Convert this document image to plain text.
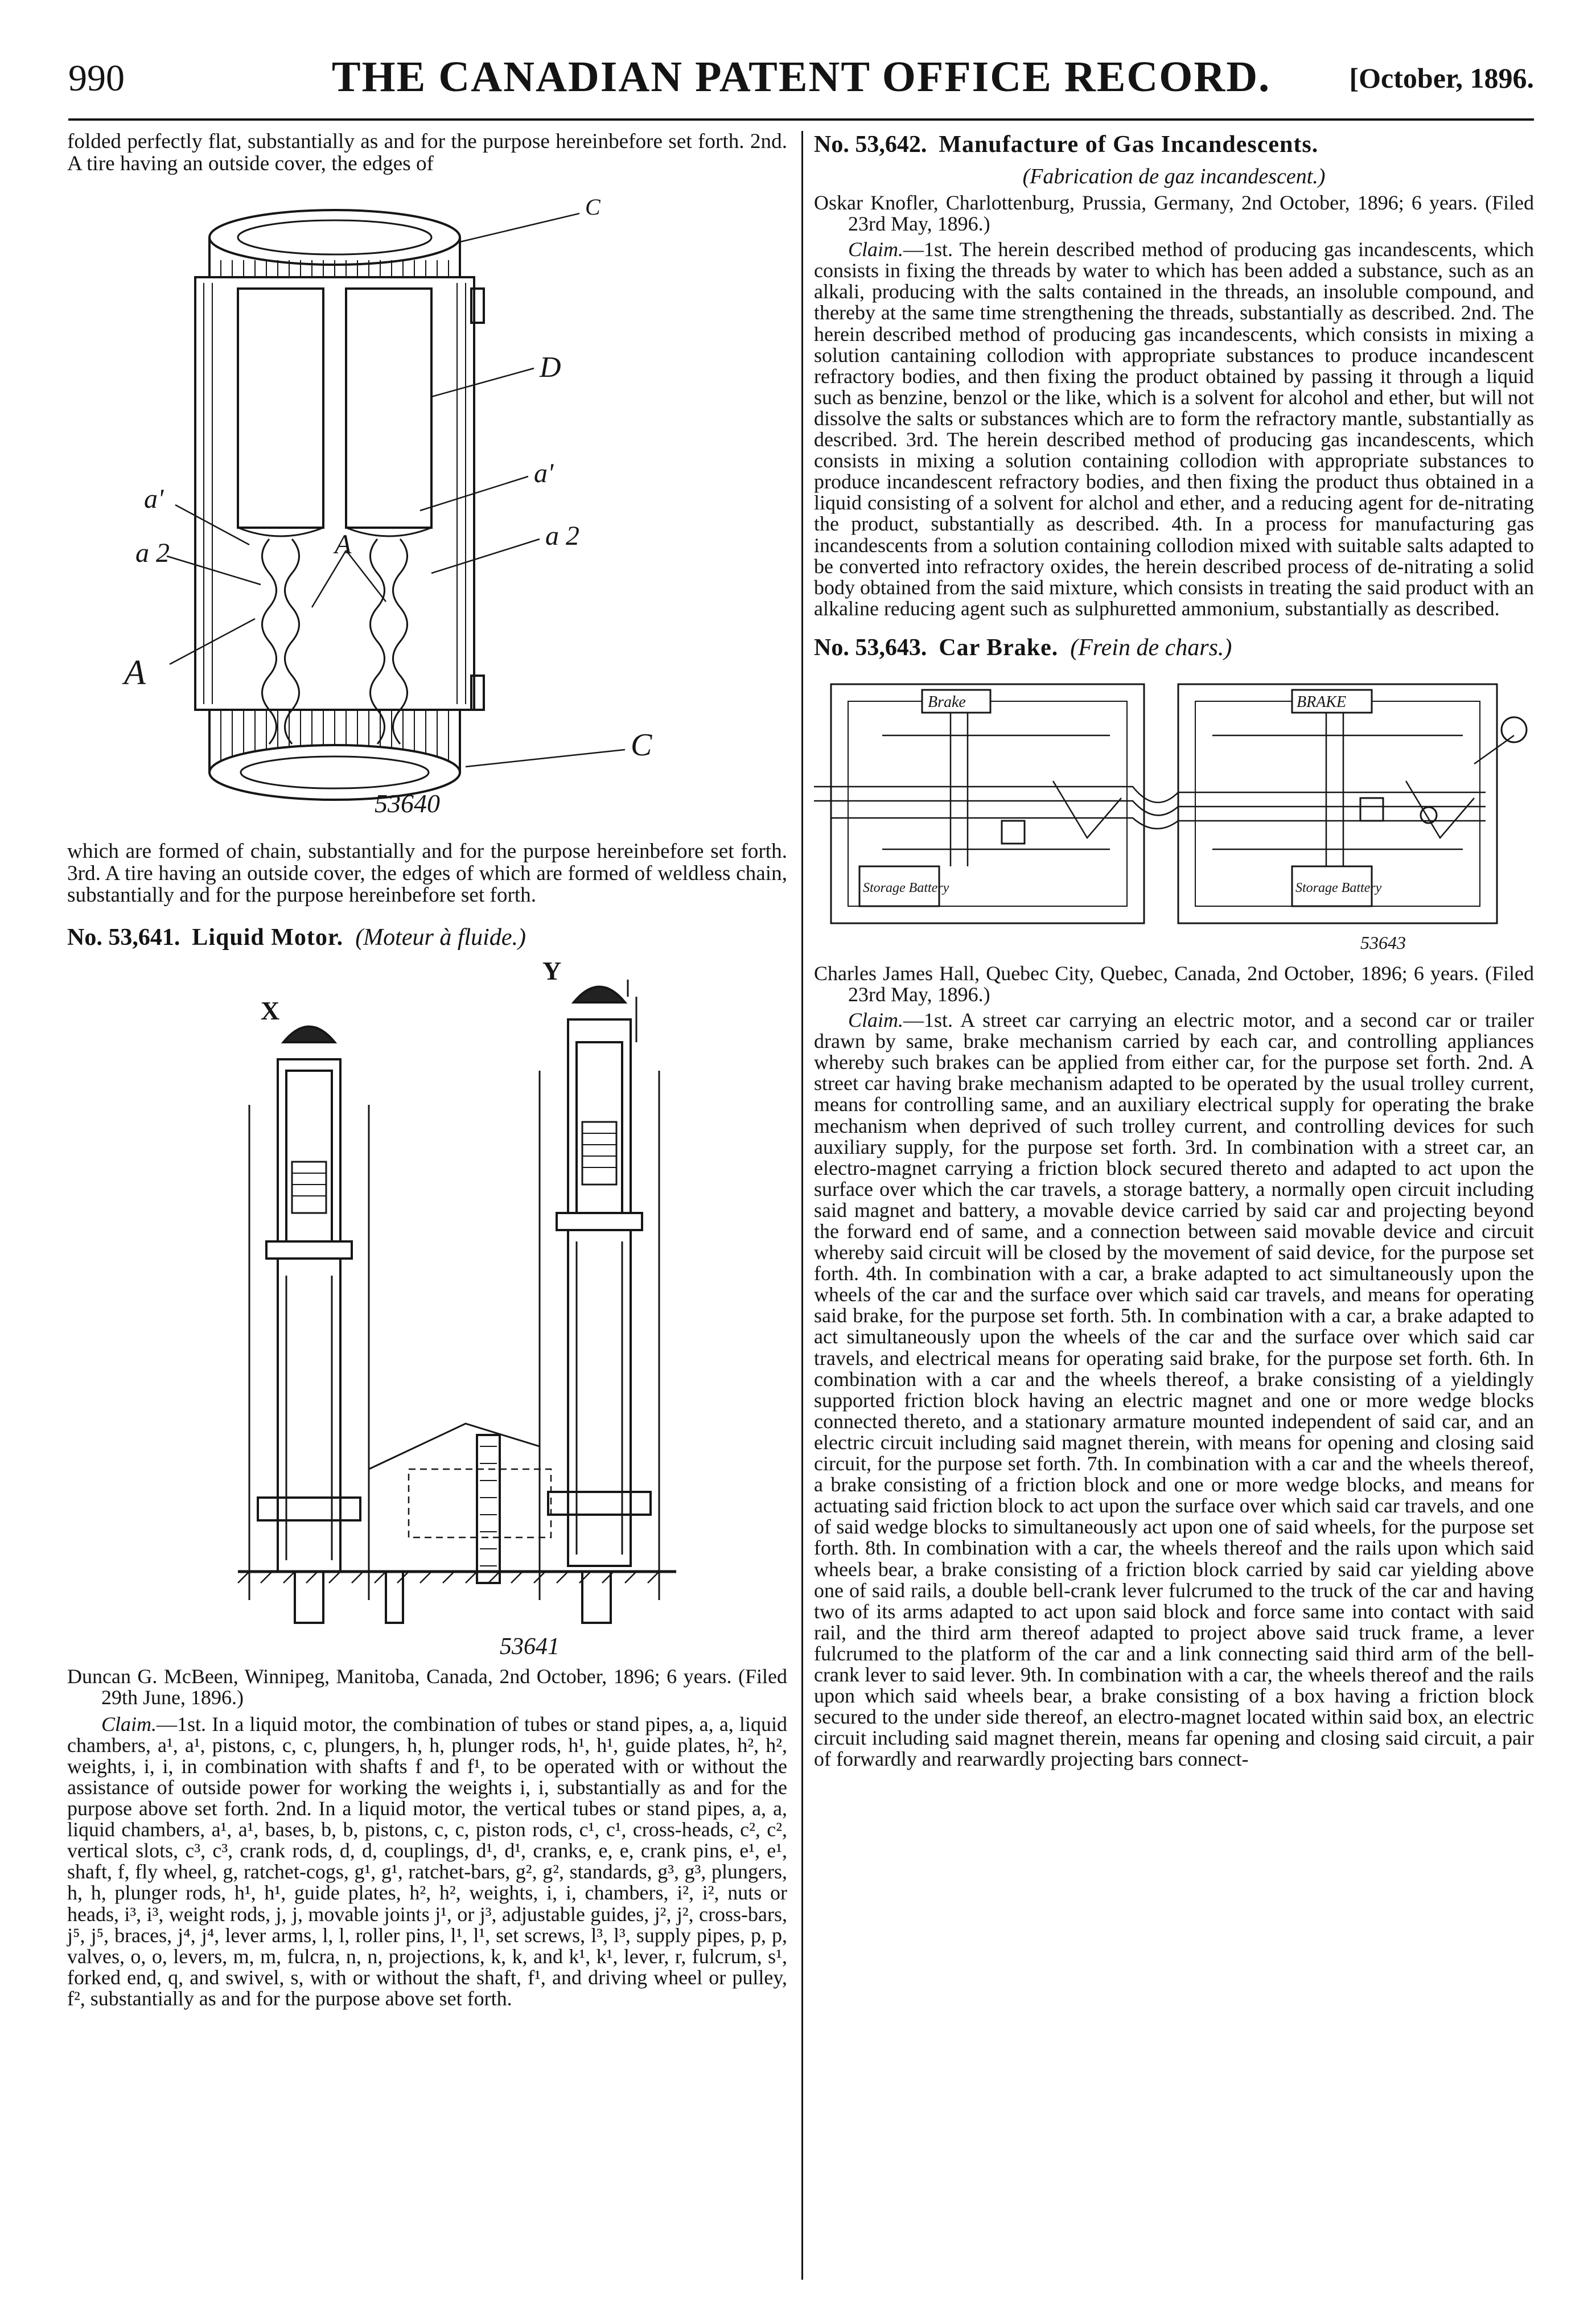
990	THE CANADIAN PATENT OFFICE RECORD.	[October, 1896.

folded perfectly flat, substantially as and for the purpose hereinbefore set forth. 2nd. A tire having an outside cover, the edges of

D
a'
a 2
a'
a 2	A
A
C
C
53640

which are formed of chain, substantially and for the purpose hereinbefore set forth. 3rd. A tire having an outside cover, the edges of which are formed of weldless chain, substantially and for the purpose hereinbefore set forth.

No. 53,641. Liquid Motor. (Moteur à fluide.)
X
Y
53641

Duncan G. McBeen, Winnipeg, Manitoba, Canada, 2nd October, 1896; 6 years. (Filed 29th June, 1896.)

Claim.—1st. In a liquid motor, the combination of tubes or stand pipes, a, a, liquid chambers, a¹, a¹, pistons, c, c, plungers, h, h, plunger rods, h¹, h¹, guide plates, h², h², weights, i, i, in combination with shafts f and f¹, to be operated with or without the assistance of outside power for working the weights i, i, substantially as and for the purpose above set forth. 2nd. In a liquid motor, the vertical tubes or stand pipes, a, a, liquid chambers, a¹, a¹, bases, b, b, pistons, c, c, piston rods, c¹, c¹, cross-heads, c², c², vertical slots, c³, c³, crank rods, d, d, couplings, d¹, d¹, cranks, e, e, crank pins, e¹, e¹, shaft, f, fly wheel, g, ratchet-cogs, g¹, g¹, ratchet-bars, g², g², standards, g³, g³, plungers, h, h, plunger rods, h¹, h¹, guide plates, h², h², weights, i, i, chambers, i², i², nuts or heads, i³, i³, weight rods, j, j, movable joints j¹, or j³, adjustable guides, j², j², cross-bars, j⁵, j⁵, braces, j⁴, j⁴, lever arms, l, l, roller pins, l¹, l¹, set screws, l³, l³, supply pipes, p, p, valves, o, o, levers, m, m, fulcra, n, n, projections, k, k, and k¹, k¹, lever, r, fulcrum, s¹, forked end, q, and swivel, s, with or without the shaft, f¹, and driving wheel or pulley, f², substantially as and for the purpose above set forth.

No. 53,642. Manufacture of Gas Incandescents.
(Fabrication de gaz incandescent.)

Oskar Knofler, Charlottenburg, Prussia, Germany, 2nd October, 1896; 6 years. (Filed 23rd May, 1896.)

Claim.—1st. The herein described method of producing gas incandescents, which consists in fixing the threads by water to which has been added a substance, such as an alkali, producing with the salts contained in the threads, an insoluble compound, and thereby at the same time strengthening the threads, substantially as described. 2nd. The herein described method of producing gas incandescents, which consists in mixing a solution cantaining collodion with appropriate substances to produce incandescent refractory bodies, and then fixing the product obtained by passing it through a liquid such as benzine, benzol or the like, which is a solvent for alcohol and ether, but will not dissolve the salts or substances which are to form the refractory mantle, substantially as described. 3rd. The herein described method of producing gas incandescents, which consists in mixing a solution containing collodion with appropriate substances to produce incandescent refractory bodies, and then fixing the product thus obtained in a liquid consisting of a solvent for alchol and ether, and a reducing agent for de-nitrating the product, substantially as described. 4th. In a process for manufacturing gas incandescents from a solution containing collodion mixed with suitable salts adapted to be converted into refractory oxides, the herein described process of de-nitrating a solid body obtained from the said mixture, which consists in treating the said product with an alkaline reducing agent such as sulphuretted ammonium, substantially as described.

No. 53,643. Car Brake. (Frein de chars.)
Brake	BRAKE
Storage Battery	Storage Battery
53643

Charles James Hall, Quebec City, Quebec, Canada, 2nd October, 1896; 6 years. (Filed 23rd May, 1896.)

Claim.—1st. A street car carrying an electric motor, and a second car or trailer drawn by same, brake mechanism carried by each car, and controlling appliances whereby such brakes can be applied from either car, for the purpose set forth. 2nd. A street car having brake mechanism adapted to be operated by the usual trolley current, means for controlling same, and an auxiliary electrical supply for operating the brake mechanism when deprived of such trolley current, and controlling devices for such auxiliary supply, for the purpose set forth. 3rd. In combination with a street car, an electro-magnet carrying a friction block secured thereto and adapted to act upon the surface over which the car travels, a storage battery, a normally open circuit including said magnet and battery, a movable device carried by said car and projecting beyond the forward end of same, and a connection between said movable device and circuit whereby said circuit will be closed by the movement of said device, for the purpose set forth. 4th. In combination with a car, a brake adapted to act simultaneously upon the wheels of the car and the surface over which said car travels, and means for operating said brake, for the purpose set forth. 5th. In combination with a car, a brake adapted to act simultaneously upon the wheels of the car and the surface over which said car travels, and electrical means for operating said brake, for the purpose set forth. 6th. In combination with a car and the wheels thereof, a brake consisting of a yieldingly supported friction block having an electric magnet and one or more wedge blocks connected thereto, and a stationary armature mounted independent of said car, and an electric circuit including said magnet therein, with means for opening and closing said circuit, for the purpose set forth. 7th. In combination with a car and the wheels thereof, a brake consisting of a friction block and one or more wedge blocks, and means for actuating said friction block to act upon the surface over which said car travels, and one of said wedge blocks to simultaneously act upon one of said wheels, for the purpose set forth. 8th. In combination with a car, the wheels thereof and the rails upon which said wheels bear, a brake consisting of a friction block carried by said car yielding above one of said rails, a double bell-crank lever fulcrumed to the truck of the car and having two of its arms adapted to act upon said block and force same into contact with said rail, and the third arm thereof adapted to project above said truck frame, a lever fulcrumed to the platform of the car and a link connecting said third arm of the bell-crank lever to said lever. 9th. In combination with a car, the wheels thereof and the rails upon which said wheels bear, a brake consisting of a box having a friction block secured to the under side thereof, an electro-magnet located within said box, an electric circuit including said magnet therein, means far opening and closing said circuit, a pair of forwardly and rearwardly projecting bars connect-
